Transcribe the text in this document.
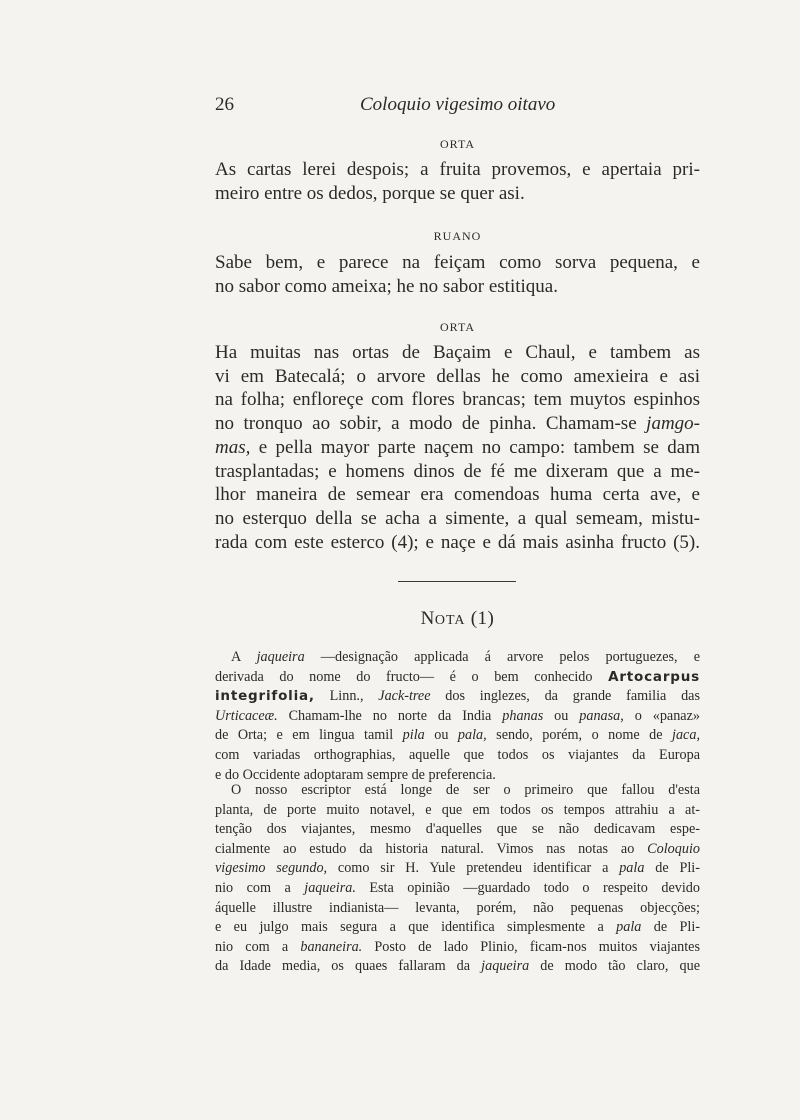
26	Coloquio vigesimo oitavo
ORTA
As cartas lerei despois; a fruita provemos, e apertaia pri-
meiro entre os dedos, porque se quer asi.
RUANO
Sabe bem, e parece na feiçam como sorva pequena, e
no sabor como ameixa; he no sabor estitiqua.
ORTA
Ha muitas nas ortas de Baçaim e Chaul, e tambem as
vi em Batecalá; o arvore dellas he como amexieira e asi
na folha; enfloreçe com flores brancas; tem muytos espinhos
no tronquo ao sobir, a modo de pinha. Chamam-se jamgo-
mas, e pella mayor parte naçem no campo: tambem se dam
trasplantadas; e homens dinos de fé me dixeram que a me-
lhor maneira de semear era comendoas huma certa ave, e
no esterquo della se acha a simente, a qual semeam, mistu-
rada com este esterco (4); e naçe e dá mais asinha fructo (5).
NOTA (1)
A jaqueira —designação applicada á arvore pelos portuguezes, e
derivada do nome do fructo— é o bem conhecido Artocarpus
integrifolia, Linn., Jack-tree dos inglezes, da grande familia das
Urticaceæ. Chamam-lhe no norte da India phanas ou panasa, o «panaz»
de Orta; e em lingua tamil pila ou pala, sendo, porém, o nome de jaca,
com variadas orthographias, aquelle que todos os viajantes da Europa
e do Occidente adoptaram sempre de preferencia.
O nosso escriptor está longe de ser o primeiro que fallou d'esta
planta, de porte muito notavel, e que em todos os tempos attrahiu a at-
tenção dos viajantes, mesmo d'aquelles que se não dedicavam espe-
cialmente ao estudo da historia natural. Vimos nas notas ao Coloquio
vigesimo segundo, como sir H. Yule pretendeu identificar a pala de Pli-
nio com a jaqueira. Esta opinião —guardado todo o respeito devido
áquelle illustre indianista— levanta, porém, não pequenas objecções;
e eu julgo mais segura a que identifica simplesmente a pala de Pli-
nio com a bananeira. Posto de lado Plinio, ficam-nos muitos viajantes
da Idade media, os quaes fallaram da jaqueira de modo tão claro, que
